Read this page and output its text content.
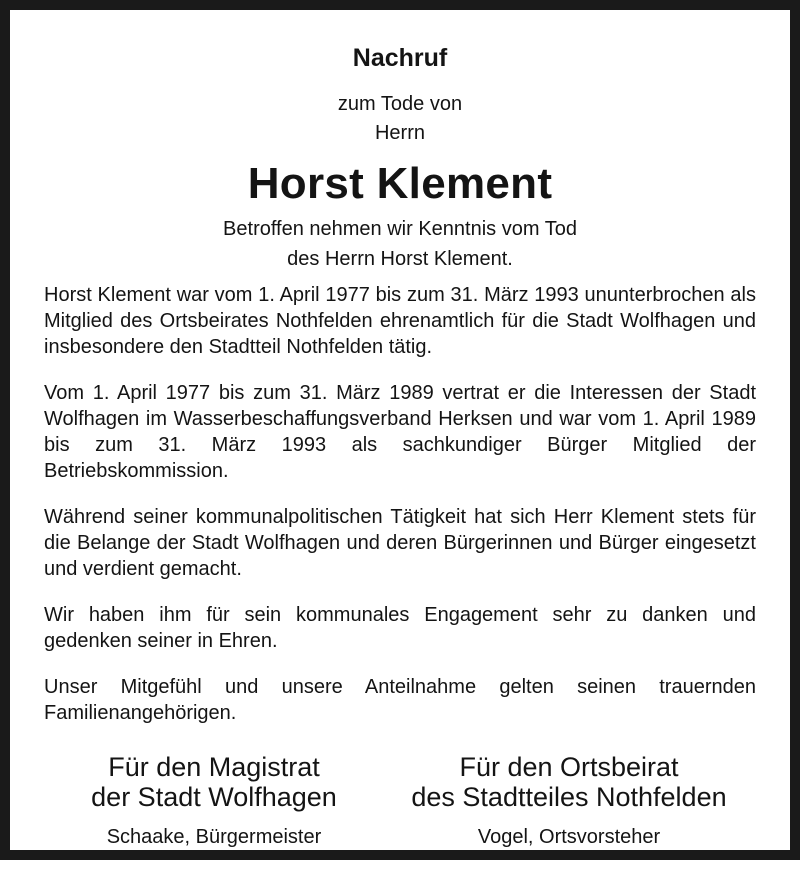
Nachruf
zum Tode von
Herrn
Horst Klement
Betroffen nehmen wir Kenntnis vom Tod
des Herrn Horst Klement.

Horst Klement war vom 1. April 1977 bis zum 31. März 1993 ununterbrochen als Mitglied des Ortsbeirates Nothfelden ehrenamtlich für die Stadt Wolfhagen und insbesondere den Stadtteil Nothfelden tätig.

Vom 1. April 1977 bis zum 31. März 1989 vertrat er die Interessen der Stadt Wolfhagen im Wasserbeschaffungsverband Herksen und war vom 1. April 1989 bis zum 31. März 1993 als sachkundiger Bürger Mitglied der Betriebskommission.

Während seiner kommunalpolitischen Tätigkeit hat sich Herr Klement stets für die Belange der Stadt Wolfhagen und deren Bürgerinnen und Bürger eingesetzt und verdient gemacht.

Wir haben ihm für sein kommunales Engagement sehr zu danken und gedenken seiner in Ehren.

Unser Mitgefühl und unsere Anteilnahme gelten seinen trauernden Familienangehörigen.

Für den Magistrat
der Stadt Wolfhagen
Schaake, Bürgermeister
Für den Ortsbeirat
des Stadtteiles Nothfelden
Vogel, Ortsvorsteher
